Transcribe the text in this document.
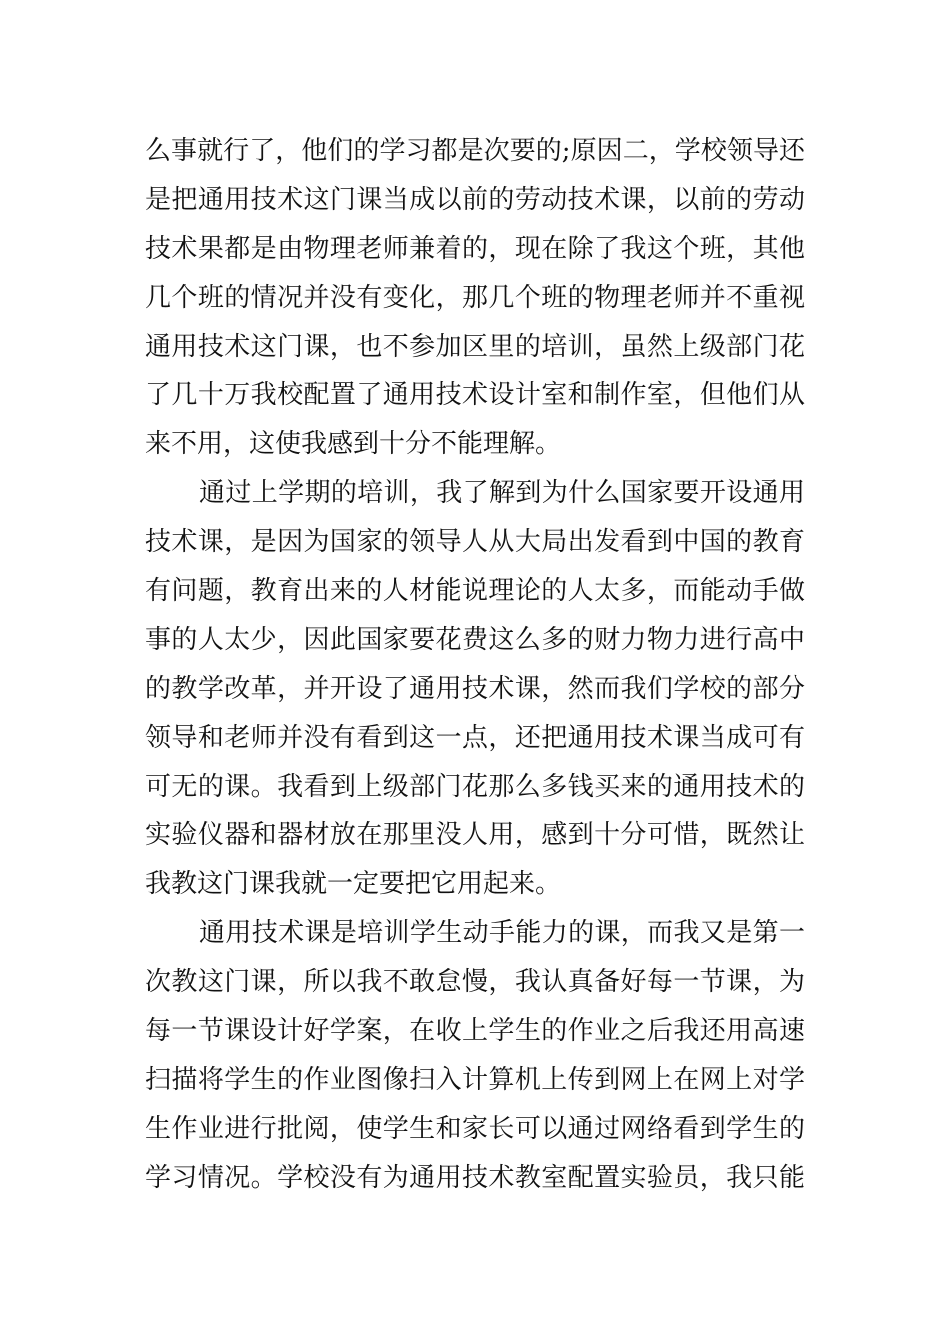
么事就行了，他们的学习都是次要的;原因二，学校领导还
是把通用技术这门课当成以前的劳动技术课，以前的劳动
技术果都是由物理老师兼着的，现在除了我这个班，其他
几个班的情况并没有变化，那几个班的物理老师并不重视
通用技术这门课，也不参加区里的培训，虽然上级部门花
了几十万我校配置了通用技术设计室和制作室，但他们从
来不用，这使我感到十分不能理解。
通过上学期的培训，我了解到为什么国家要开设通用
技术课，是因为国家的领导人从大局出发看到中国的教育
有问题，教育出来的人材能说理论的人太多，而能动手做
事的人太少，因此国家要花费这么多的财力物力进行高中
的教学改革，并开设了通用技术课，然而我们学校的部分
领导和老师并没有看到这一点，还把通用技术课当成可有
可无的课。我看到上级部门花那么多钱买来的通用技术的
实验仪器和器材放在那里没人用，感到十分可惜，既然让
我教这门课我就一定要把它用起来。
通用技术课是培训学生动手能力的课，而我又是第一
次教这门课，所以我不敢怠慢，我认真备好每一节课，为
每一节课设计好学案，在收上学生的作业之后我还用高速
扫描将学生的作业图像扫入计算机上传到网上在网上对学
生作业进行批阅，使学生和家长可以通过网络看到学生的
学习情况。学校没有为通用技术教室配置实验员，我只能
